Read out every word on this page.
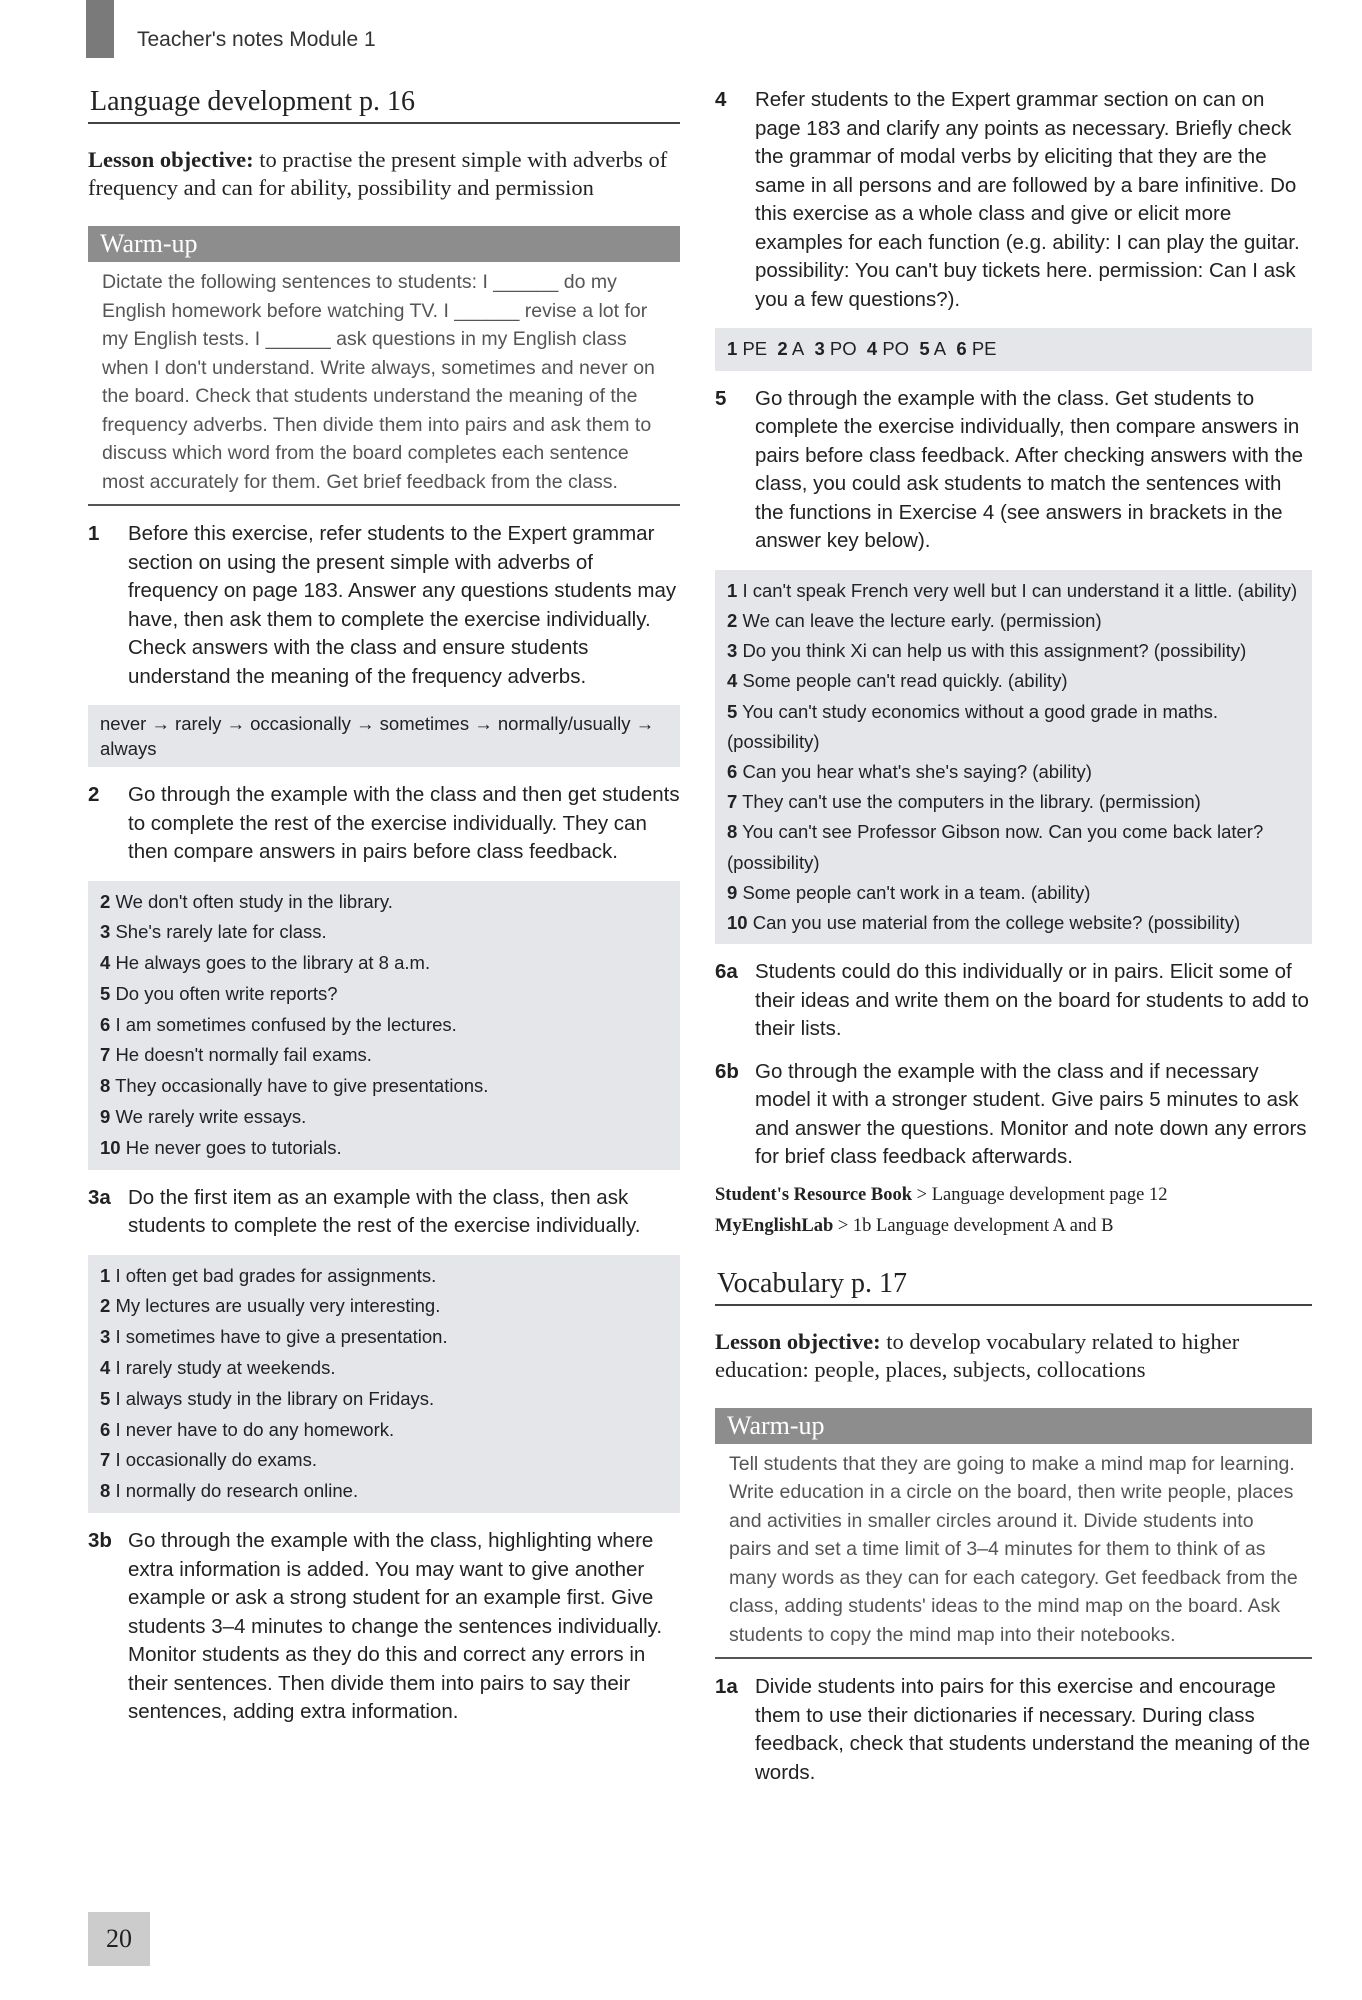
Teacher's notes Module 1
Language development p. 16
Lesson objective: to practise the present simple with adverbs of frequency and can for ability, possibility and permission
Warm-up
Dictate the following sentences to students: I ______ do my English homework before watching TV. I ______ revise a lot for my English tests. I ______ ask questions in my English class when I don't understand. Write always, sometimes and never on the board. Check that students understand the meaning of the frequency adverbs. Then divide them into pairs and ask them to discuss which word from the board completes each sentence most accurately for them. Get brief feedback from the class.
1	Before this exercise, refer students to the Expert grammar section on using the present simple with adverbs of frequency on page 183. Answer any questions students may have, then ask them to complete the exercise individually. Check answers with the class and ensure students understand the meaning of the frequency adverbs.
never → rarely → occasionally → sometimes → normally/usually → always
2	Go through the example with the class and then get students to complete the rest of the exercise individually. They can then compare answers in pairs before class feedback.
2 We don't often study in the library.
3 She's rarely late for class.
4 He always goes to the library at 8 a.m.
5 Do you often write reports?
6 I am sometimes confused by the lectures.
7 He doesn't normally fail exams.
8 They occasionally have to give presentations.
9 We rarely write essays.
10 He never goes to tutorials.
3a Do the first item as an example with the class, then ask students to complete the rest of the exercise individually.
1 I often get bad grades for assignments.
2 My lectures are usually very interesting.
3 I sometimes have to give a presentation.
4 I rarely study at weekends.
5 I always study in the library on Fridays.
6 I never have to do any homework.
7 I occasionally do exams.
8 I normally do research online.
3b Go through the example with the class, highlighting where extra information is added. You may want to give another example or ask a strong student for an example first. Give students 3–4 minutes to change the sentences individually. Monitor students as they do this and correct any errors in their sentences. Then divide them into pairs to say their sentences, adding extra information.
4	Refer students to the Expert grammar section on can on page 183 and clarify any points as necessary. Briefly check the grammar of modal verbs by eliciting that they are the same in all persons and are followed by a bare infinitive. Do this exercise as a whole class and give or elicit more examples for each function (e.g. ability: I can play the guitar. possibility: You can't buy tickets here. permission: Can I ask you a few questions?).
1 PE 2 A 3 PO 4 PO 5 A 6 PE
5	Go through the example with the class. Get students to complete the exercise individually, then compare answers in pairs before class feedback. After checking answers with the class, you could ask students to match the sentences with the functions in Exercise 4 (see answers in brackets in the answer key below).
1 I can't speak French very well but I can understand it a little. (ability)
2 We can leave the lecture early. (permission)
3 Do you think Xi can help us with this assignment? (possibility)
4 Some people can't read quickly. (ability)
5 You can't study economics without a good grade in maths. (possibility)
6 Can you hear what's she's saying? (ability)
7 They can't use the computers in the library. (permission)
8 You can't see Professor Gibson now. Can you come back later? (possibility)
9 Some people can't work in a team. (ability)
10 Can you use material from the college website? (possibility)
6a Students could do this individually or in pairs. Elicit some of their ideas and write them on the board for students to add to their lists.
6b Go through the example with the class and if necessary model it with a stronger student. Give pairs 5 minutes to ask and answer the questions. Monitor and note down any errors for brief class feedback afterwards.
Student's Resource Book > Language development page 12
MyEnglishLab > 1b Language development A and B
Vocabulary p. 17
Lesson objective: to develop vocabulary related to higher education: people, places, subjects, collocations
Warm-up
Tell students that they are going to make a mind map for learning. Write education in a circle on the board, then write people, places and activities in smaller circles around it. Divide students into pairs and set a time limit of 3–4 minutes for them to think of as many words as they can for each category. Get feedback from the class, adding students' ideas to the mind map on the board. Ask students to copy the mind map into their notebooks.
1a Divide students into pairs for this exercise and encourage them to use their dictionaries if necessary. During class feedback, check that students understand the meaning of the words.
20
